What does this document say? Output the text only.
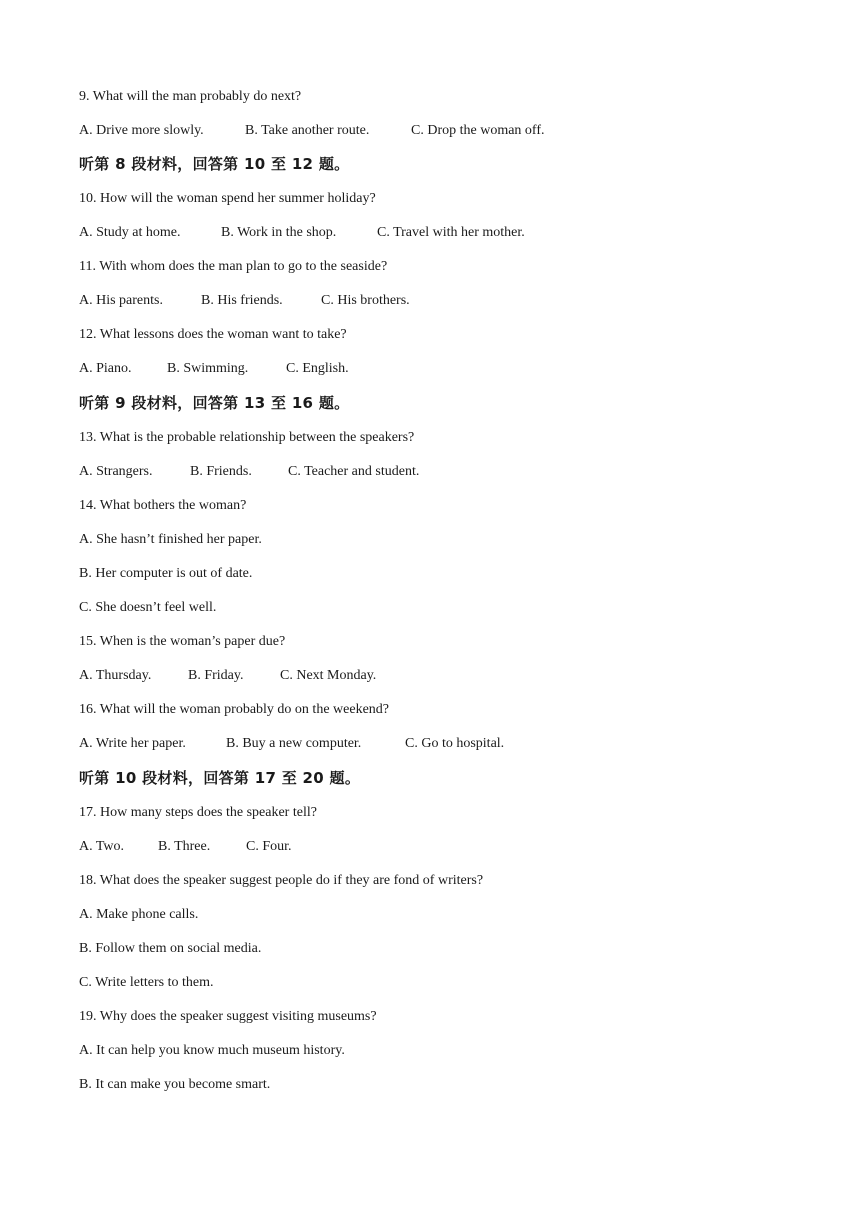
9. What will the man probably do next?
A. Drive more slowly.	B. Take another route.	C. Drop the woman off.
听第 8 段材料，回答第 10 至 12 题。
10. How will the woman spend her summer holiday?
A. Study at home.	B. Work in the shop.	C. Travel with her mother.
11. With whom does the man plan to go to the seaside?
A. His parents.	B. His friends.	C. His brothers.
12. What lessons does the woman want to take?
A. Piano.	B. Swimming.	C. English.
听第 9 段材料，回答第 13 至 16 题。
13. What is the probable relationship between the speakers?
A. Strangers.	B. Friends.	C. Teacher and student.
14. What bothers the woman?
A. She hasn’t finished her paper.
B. Her computer is out of date.
C. She doesn’t feel well.
15. When is the woman’s paper due?
A. Thursday.	B. Friday.	C. Next Monday.
16. What will the woman probably do on the weekend?
A. Write her paper.	B. Buy a new computer.	C. Go to hospital.
听第 10 段材料，回答第 17 至 20 题。
17. How many steps does the speaker tell?
A. Two. B. Three.	C. Four.
18. What does the speaker suggest people do if they are fond of writers?
A. Make phone calls.
B. Follow them on social media.
C. Write letters to them.
19. Why does the speaker suggest visiting museums?
A. It can help you know much museum history.
B. It can make you become smart.
